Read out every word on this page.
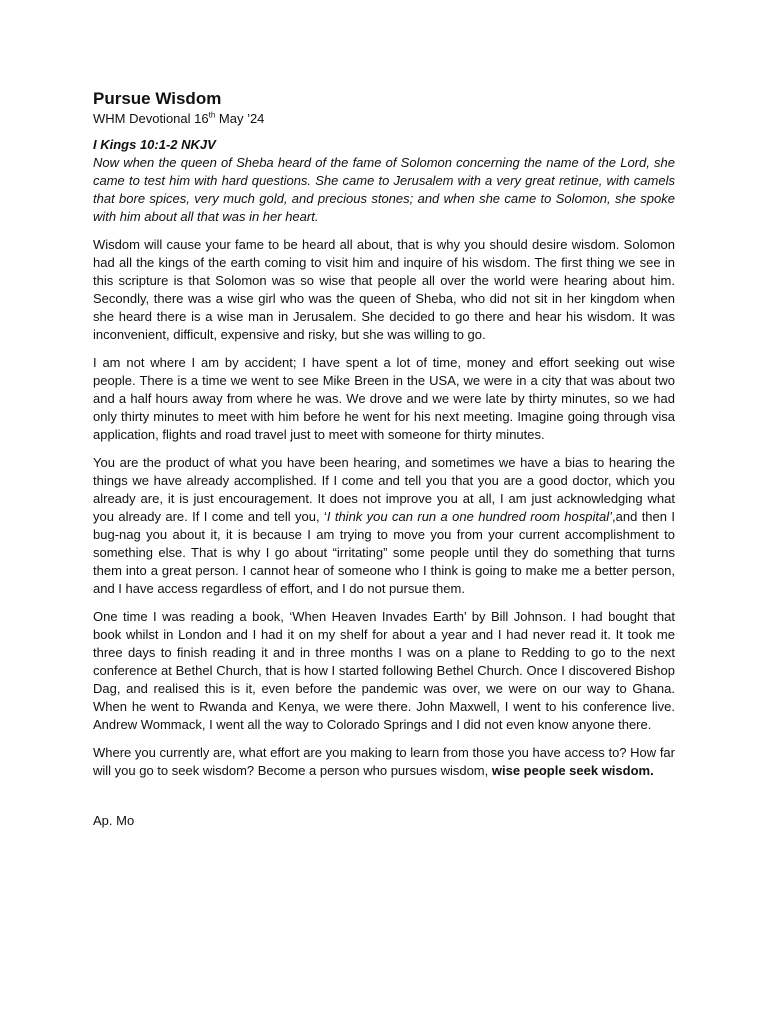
Pursue Wisdom
WHM Devotional 16th May ’24
I Kings 10:1-2 NKJV
Now when the queen of Sheba heard of the fame of Solomon concerning the name of the Lord, she came to test him with hard questions. She came to Jerusalem with a very great retinue, with camels that bore spices, very much gold, and precious stones; and when she came to Solomon, she spoke with him about all that was in her heart.

Wisdom will cause your fame to be heard all about, that is why you should desire wisdom. Solomon had all the kings of the earth coming to visit him and inquire of his wisdom. The first thing we see in this scripture is that Solomon was so wise that people all over the world were hearing about him. Secondly, there was a wise girl who was the queen of Sheba, who did not sit in her kingdom when she heard there is a wise man in Jerusalem. She decided to go there and hear his wisdom. It was inconvenient, difficult, expensive and risky, but she was willing to go.

I am not where I am by accident; I have spent a lot of time, money and effort seeking out wise people. There is a time we went to see Mike Breen in the USA, we were in a city that was about two and a half hours away from where he was. We drove and we were late by thirty minutes, so we had only thirty minutes to meet with him before he went for his next meeting. Imagine going through visa application, flights and road travel just to meet with someone for thirty minutes.

You are the product of what you have been hearing, and sometimes we have a bias to hearing the things we have already accomplished. If I come and tell you that you are a good doctor, which you already are, it is just encouragement. It does not improve you at all, I am just acknowledging what you already are. If I come and tell you, ‘I think you can run a one hundred room hospital’,and then I bug-nag you about it, it is because I am trying to move you from your current accomplishment to something else. That is why I go about “irritating” some people until they do something that turns them into a great person. I cannot hear of someone who I think is going to make me a better person, and I have access regardless of effort, and I do not pursue them.

One time I was reading a book, ‘When Heaven Invades Earth’ by Bill Johnson. I had bought that book whilst in London and I had it on my shelf for about a year and I had never read it. It took me three days to finish reading it and in three months I was on a plane to Redding to go to the next conference at Bethel Church, that is how I started following Bethel Church. Once I discovered Bishop Dag, and realised this is it, even before the pandemic was over, we were on our way to Ghana. When he went to Rwanda and Kenya, we were there. John Maxwell, I went to his conference live. Andrew Wommack, I went all the way to Colorado Springs and I did not even know anyone there.

Where you currently are, what effort are you making to learn from those you have access to? How far will you go to seek wisdom? Become a person who pursues wisdom, wise people seek wisdom.

Ap. Mo
